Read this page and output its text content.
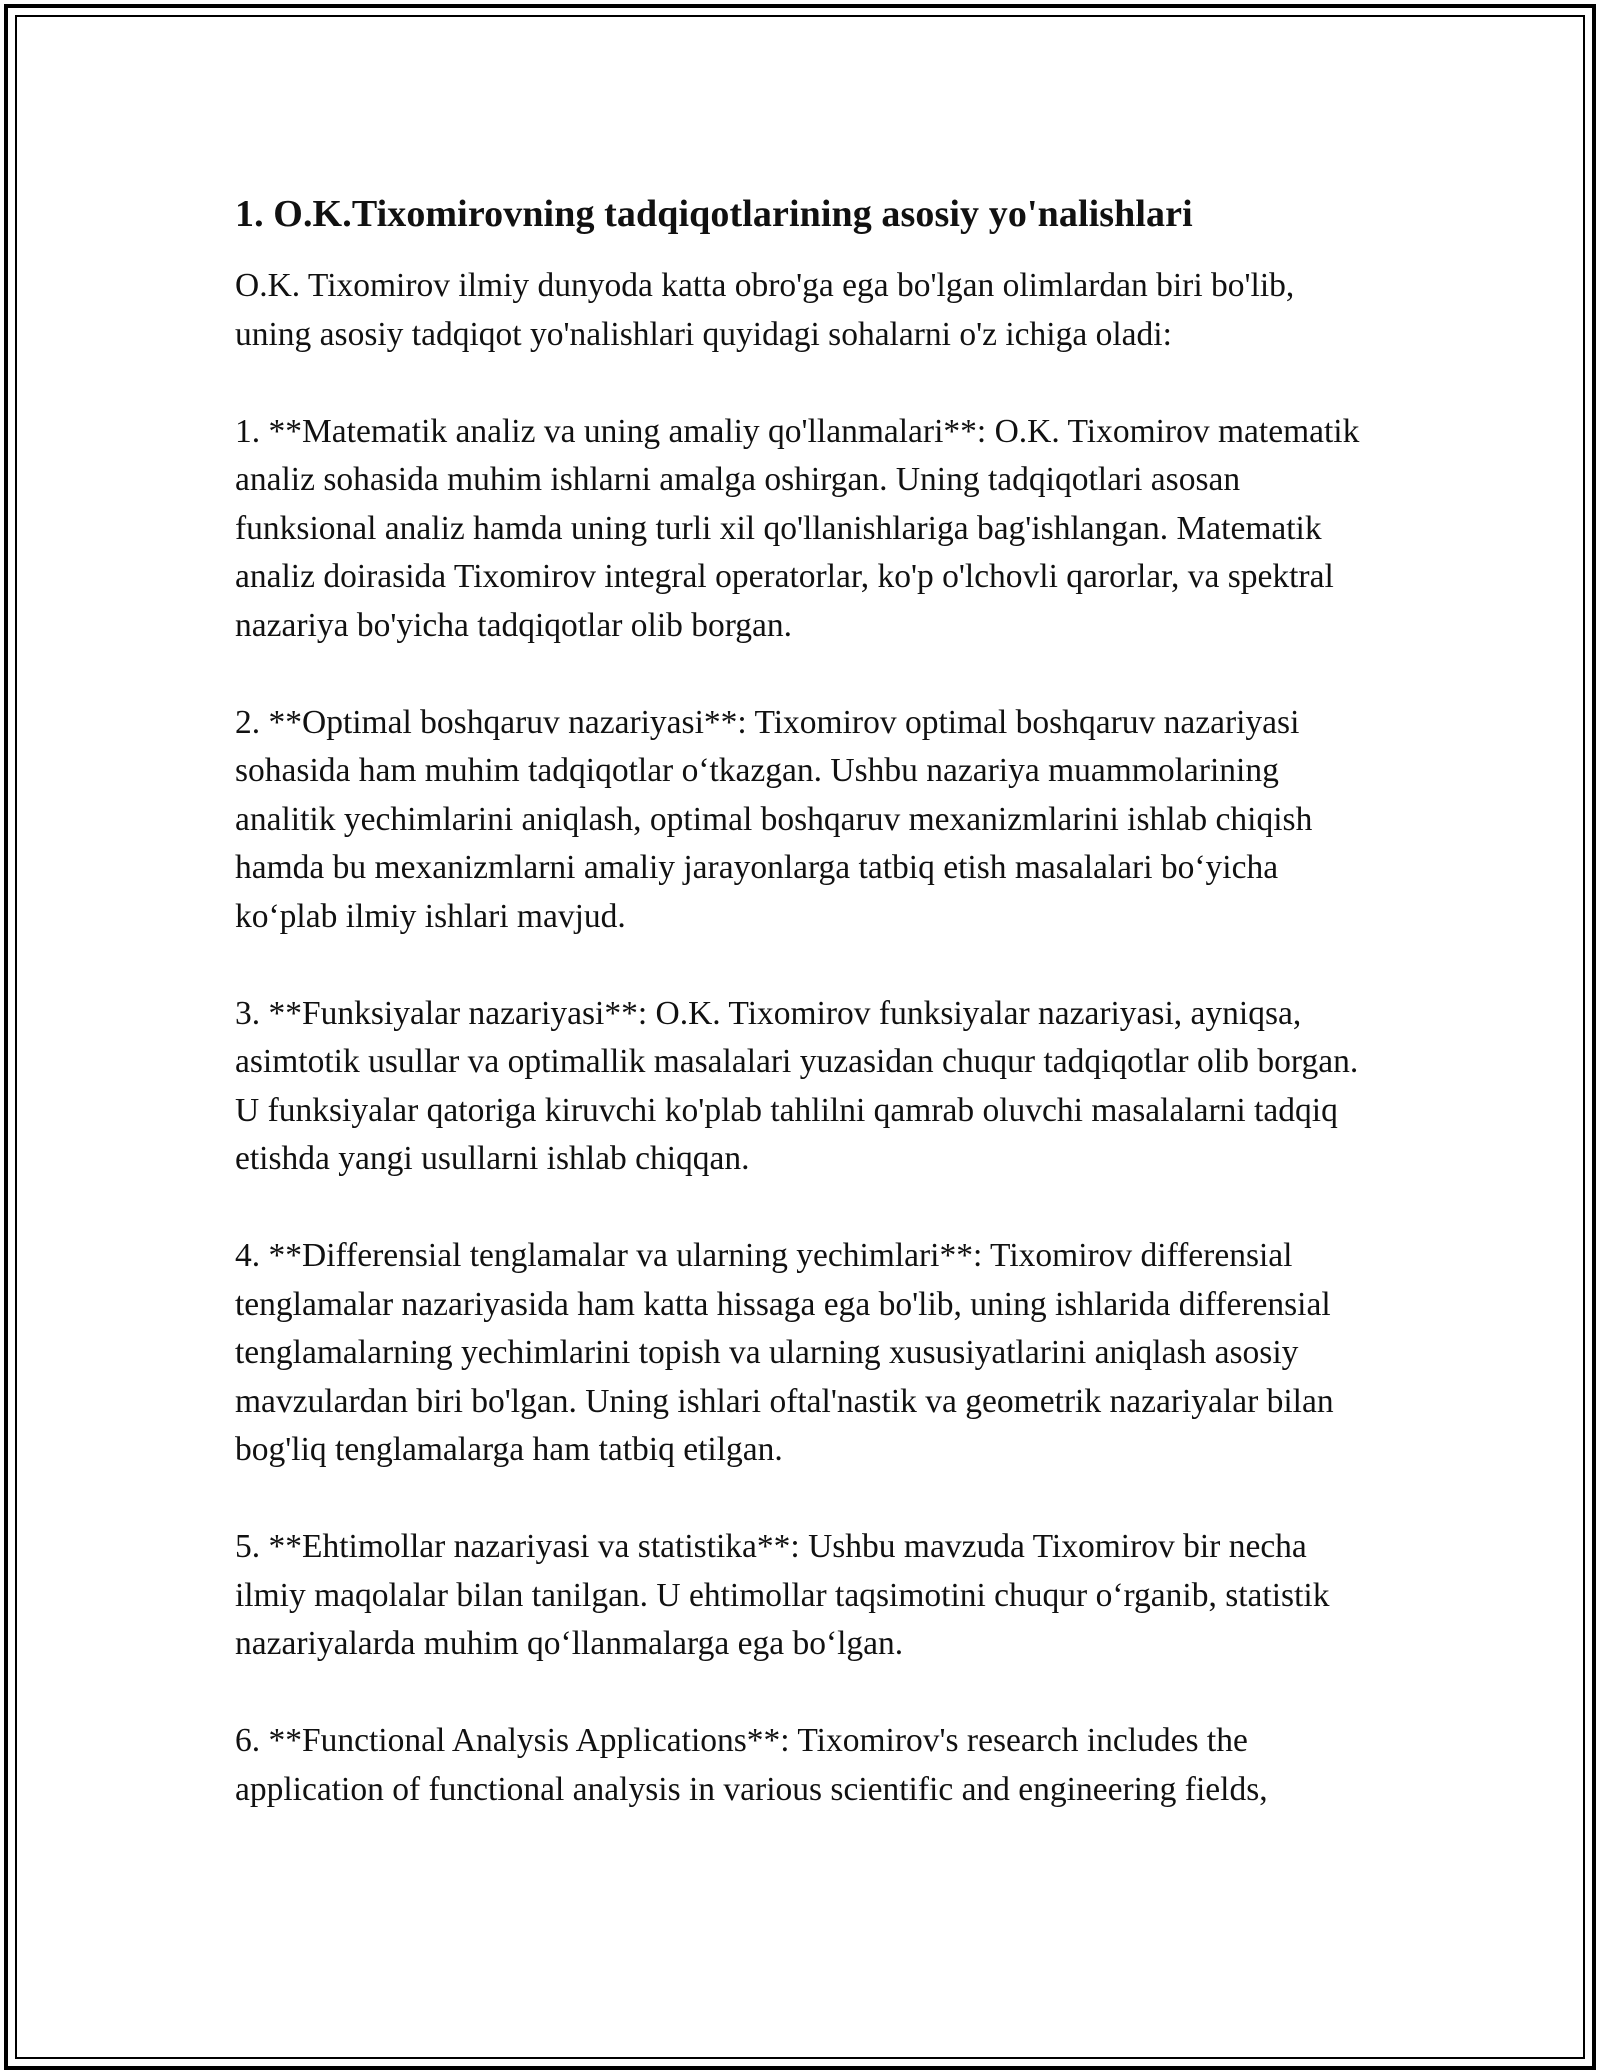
1. O.K.Tixomirovning tadqiqotlarining asosiy yo'nalishlari

O.K. Tixomirov ilmiy dunyoda katta obro'ga ega bo'lgan olimlardan biri bo'lib, uning asosiy tadqiqot yo'nalishlari quyidagi sohalarni o'z ichiga oladi:

1. **Matematik analiz va uning amaliy qo'llanmalari**: O.K. Tixomirov matematik analiz sohasida muhim ishlarni amalga oshirgan. Uning tadqiqotlari asosan funksional analiz hamda uning turli xil qo'llanishlariga bag'ishlangan. Matematik analiz doirasida Tixomirov integral operatorlar, ko'p o'lchovli qarorlar, va spektral nazariya bo'yicha tadqiqotlar olib borgan.

2. **Optimal boshqaruv nazariyasi**: Tixomirov optimal boshqaruv nazariyasi sohasida ham muhim tadqiqotlar o‘tkazgan. Ushbu nazariya muammolarining analitik yechimlarini aniqlash, optimal boshqaruv mexanizmlarini ishlab chiqish hamda bu mexanizmlarni amaliy jarayonlarga tatbiq etish masalalari bo‘yicha ko‘plab ilmiy ishlari mavjud.

3. **Funksiyalar nazariyasi**: O.K. Tixomirov funksiyalar nazariyasi, ayniqsa, asimtotik usullar va optimallik masalalari yuzasidan chuqur tadqiqotlar olib borgan. U funksiyalar qatoriga kiruvchi ko'plab tahlilni qamrab oluvchi masalalarni tadqiq etishda yangi usullarni ishlab chiqqan.

4. **Differensial tenglamalar va ularning yechimlari**: Tixomirov differensial tenglamalar nazariyasida ham katta hissaga ega bo'lib, uning ishlarida differensial tenglamalarning yechimlarini topish va ularning xususiyatlarini aniqlash asosiy mavzulardan biri bo'lgan. Uning ishlari oftal'nastik va geometrik nazariyalar bilan bog'liq tenglamalarga ham tatbiq etilgan.

5. **Ehtimollar nazariyasi va statistika**: Ushbu mavzuda Tixomirov bir necha ilmiy maqolalar bilan tanilgan. U ehtimollar taqsimotini chuqur o‘rganib, statistik nazariyalarda muhim qo‘llanmalarga ega bo‘lgan.

6. **Functional Analysis Applications**: Tixomirov's research includes the application of functional analysis in various scientific and engineering fields,
